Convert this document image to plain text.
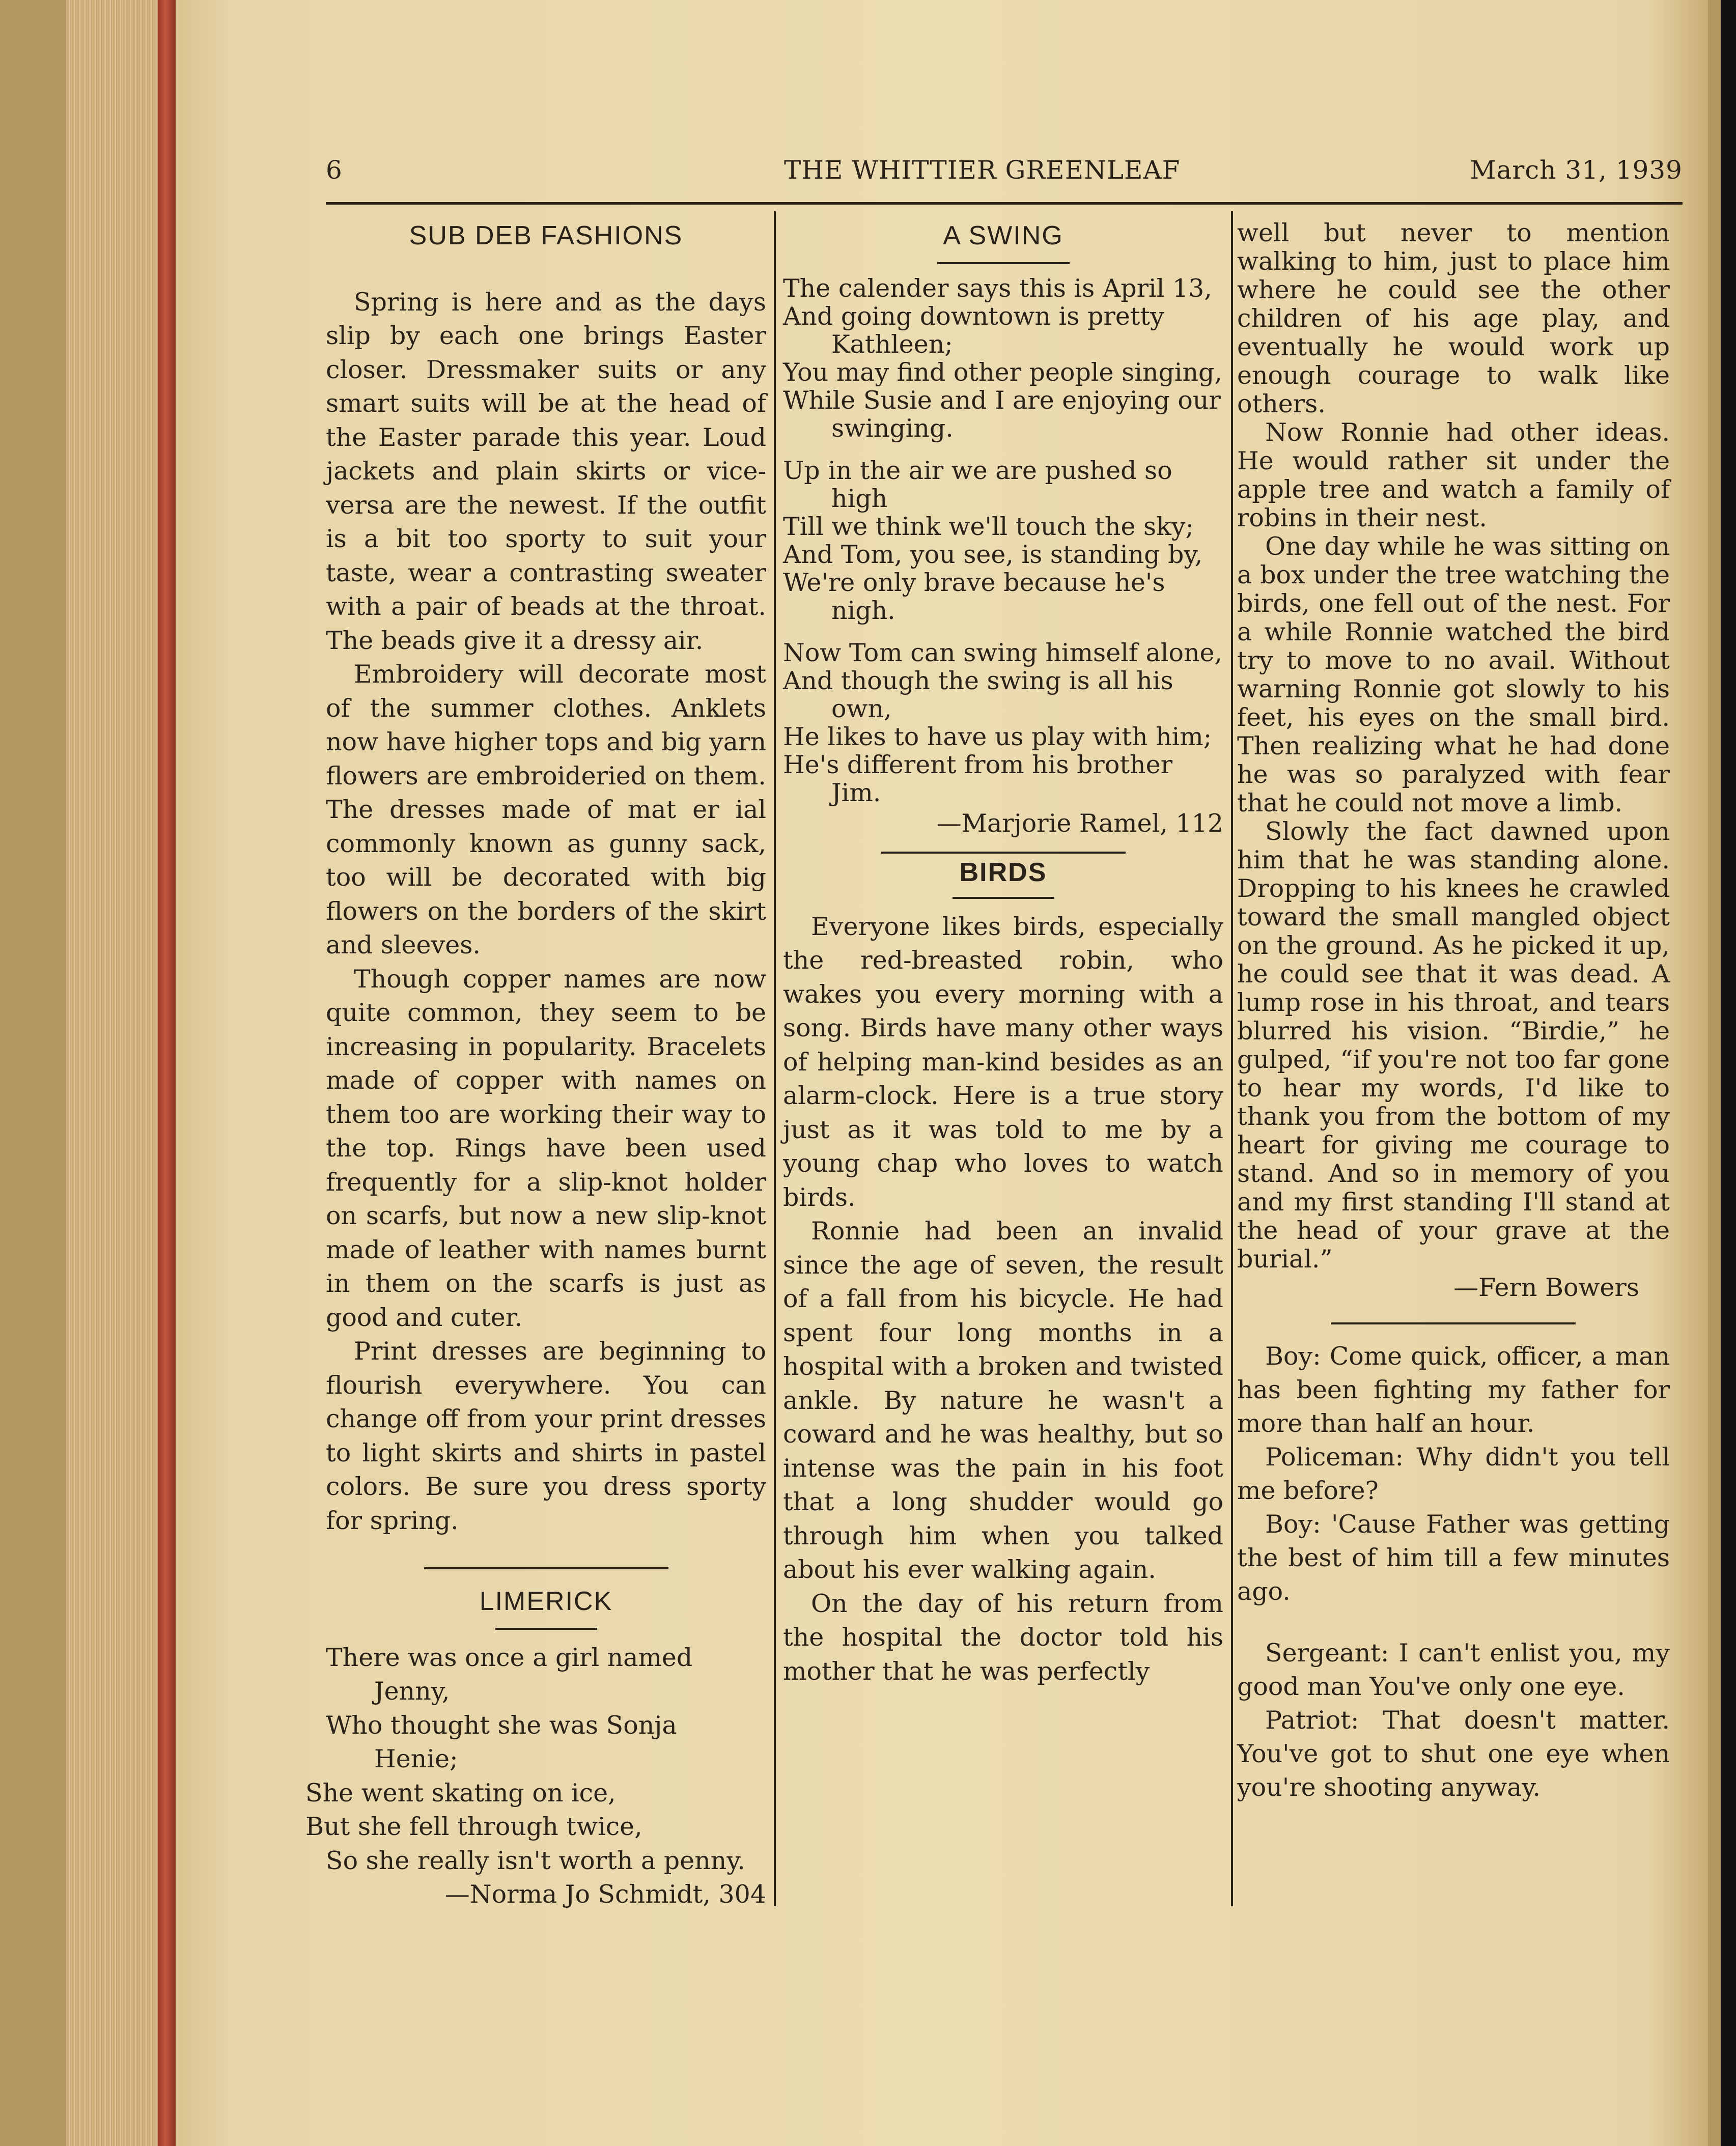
6	THE WHITTIER GREENLEAF	March 31, 1939
SUB DEB FASHIONS

Spring is here and as the days slip by each one brings Easter closer. Dressmaker suits or any smart suits will be at the head of the Easter parade this year. Loud jackets and plain skirts or vice-versa are the newest. If the outfit is a bit too sporty to suit your taste, wear a contrasting sweater with a pair of beads at the throat. The beads give it a dressy air.

Embroidery will decorate most of the summer clothes. Anklets now have higher tops and big yarn flowers are embroideried on them. The dresses made of mat er ial commonly known as gunny sack, too will be decorated with big flowers on the borders of the skirt and sleeves.

Though copper names are now quite common, they seem to be increasing in popularity. Bracelets made of copper with names on them too are working their way to the top. Rings have been used frequently for a slip-knot holder on scarfs, but now a new slip-knot made of leather with names burnt in them on the scarfs is just as good and cuter.

Print dresses are beginning to flourish everywhere. You can change off from your print dresses to light skirts and shirts in pastel colors. Be sure you dress sporty for spring.

LIMERICK
There was once a girl named Jenny,
Who thought she was Sonja Henie;
She went skating on ice,
But she fell through twice,
So she really isn't worth a penny.
—Norma Jo Schmidt, 304
A SWING
The calender says this is April 13,
And going downtown is pretty Kathleen;
You may find other people singing,
While Susie and I are enjoying our swinging.
Up in the air we are pushed so high
Till we think we'll touch the sky;
And Tom, you see, is standing by,
We're only brave because he's nigh.
Now Tom can swing himself alone,
And though the swing is all his own,
He likes to have us play with him;
He's different from his brother Jim.
—Marjorie Ramel, 112
BIRDS

Everyone likes birds, especially the red-breasted robin, who wakes you every morning with a song. Birds have many other ways of helping man-kind besides as an alarm-clock. Here is a true story just as it was told to me by a young chap who loves to watch birds.

Ronnie had been an invalid since the age of seven, the result of a fall from his bicycle. He had spent four long months in a hospital with a broken and twisted ankle. By nature he wasn't a coward and he was healthy, but so intense was the pain in his foot that a long shudder would go through him when you talked about his ever walking again.

On the day of his return from the hospital the doctor told his mother that he was perfectly

well but never to mention walking to him, just to place him where he could see the other children of his age play, and eventually he would work up enough courage to walk like others.

Now Ronnie had other ideas. He would rather sit under the apple tree and watch a family of robins in their nest.

One day while he was sitting on a box under the tree watching the birds, one fell out of the nest. For a while Ronnie watched the bird try to move to no avail. Without warning Ronnie got slowly to his feet, his eyes on the small bird. Then realizing what he had done he was so paralyzed with fear that he could not move a limb.

Slowly the fact dawned upon him that he was standing alone. Dropping to his knees he crawled toward the small mangled object on the ground. As he picked it up, he could see that it was dead. A lump rose in his throat, and tears blurred his vision. “Birdie,” he gulped, “if you're not too far gone to hear my words, I'd like to thank you from the bottom of my heart for giving me courage to stand. And so in memory of you and my first standing I'll stand at the head of your grave at the burial.”

—Fern Bowers

Boy: Come quick, officer, a man has been fighting my father for more than half an hour.

Policeman: Why didn't you tell me before?

Boy: 'Cause Father was getting the best of him till a few minutes ago.

Sergeant: I can't enlist you, my good man You've only one eye.

Patriot: That doesn't matter. You've got to shut one eye when you're shooting anyway.
